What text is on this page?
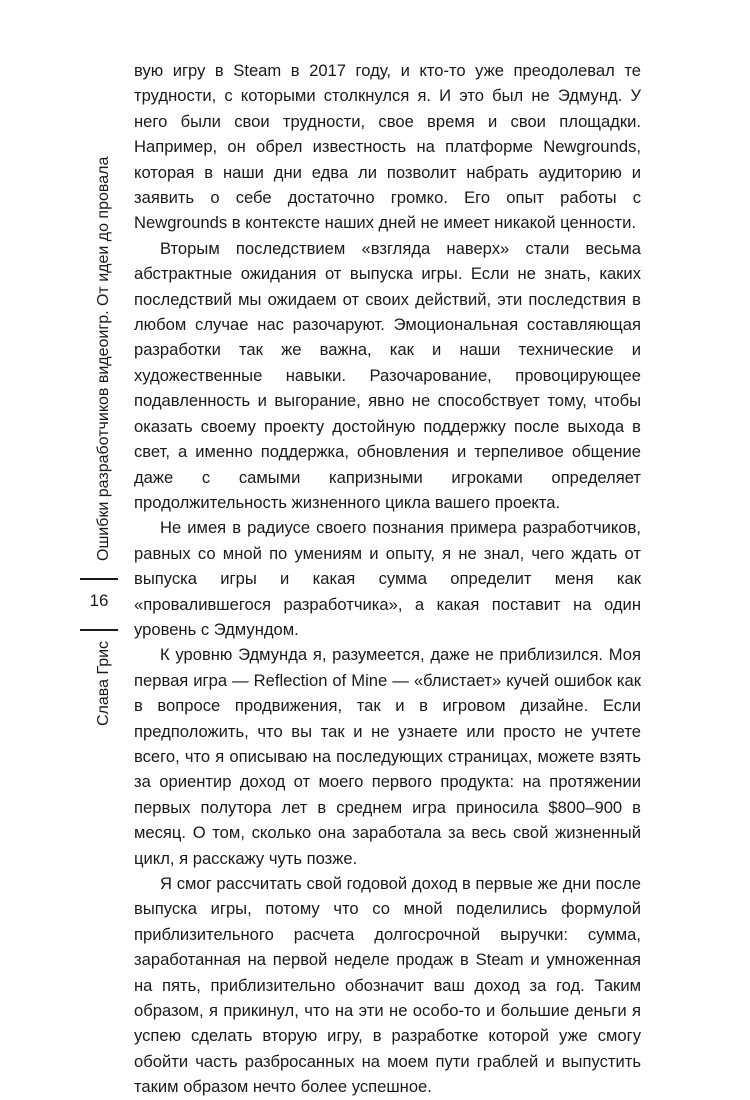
Ошибки разработчиков видеоигр. От идеи до провала
16
Слава Грис

вую игру в Steam в 2017 году, и кто-то уже преодолевал те трудности, с которыми столкнулся я. И это был не Эдмунд. У него были свои трудности, свое время и свои площадки. Например, он обрел известность на платформе Newgrounds, которая в наши дни едва ли позволит набрать аудиторию и заявить о себе достаточно громко. Его опыт работы с Newgrounds в контексте наших дней не имеет никакой ценности.

Вторым последствием «взгляда наверх» стали весьма абстрактные ожидания от выпуска игры. Если не знать, каких последствий мы ожидаем от своих действий, эти последствия в любом случае нас разочаруют. Эмоциональная составляющая разработки так же важна, как и наши технические и художественные навыки. Разочарование, провоцирующее подавленность и выгорание, явно не способствует тому, чтобы оказать своему проекту достойную поддержку после выхода в свет, а именно поддержка, обновления и терпеливое общение даже с самыми капризными игроками определяет продолжительность жизненного цикла вашего проекта.

Не имея в радиусе своего познания примера разработчиков, равных со мной по умениям и опыту, я не знал, чего ждать от выпуска игры и какая сумма определит меня как «провалившегося разработчика», а какая поставит на один уровень с Эдмундом.

К уровню Эдмунда я, разумеется, даже не приблизился. Моя первая игра — Reflection of Mine — «блистает» кучей ошибок как в вопросе продвижения, так и в игровом дизайне. Если предположить, что вы так и не узнаете или просто не учтете всего, что я описываю на последующих страницах, можете взять за ориентир доход от моего первого продукта: на протяжении первых полутора лет в среднем игра приносила $800–900 в месяц. О том, сколько она заработала за весь свой жизненный цикл, я расскажу чуть позже.

Я смог рассчитать свой годовой доход в первые же дни после выпуска игры, потому что со мной поделились формулой приблизительного расчета долгосрочной выручки: сумма, заработанная на первой неделе продаж в Steam и умноженная на пять, приблизительно обозначит ваш доход за год. Таким образом, я прикинул, что на эти не особо-то и большие деньги я успею сделать вторую игру, в разработке которой уже смогу обойти часть разбросанных на моем пути граблей и выпустить таким образом нечто более успешное.
